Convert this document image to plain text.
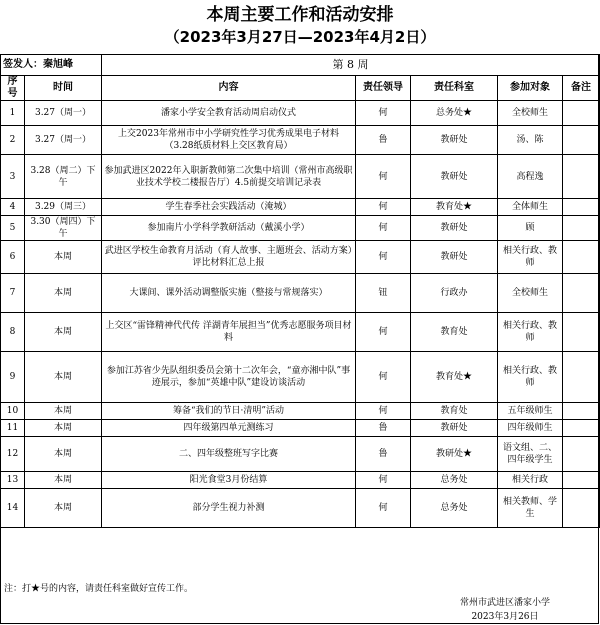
本周主要工作和活动安排
（2023年3月27日—2023年4月2日）
签发人：秦旭峰		第 8 周				
序号	时间	内容	责任领导	责任科室	参加对象	备注
1	3.27（周一）	潘家小学安全教育活动周启动仪式	何	总务处★	全校师生	
2	3.27（周一）	上交2023年常州市中小学研究性学习优秀成果电子材料（3.28纸质材料上交区教育局）	鲁	教研处	汤、陈	
3	3.28（周二）下午	参加武进区2022年入职新教师第二次集中培训（常州市高级职业技术学校二楼报告厅）4.5前提交培训记录表	何	教研处	高程逸	
4	3.29（周三）	学生春季社会实践活动（淹城）	何	教育处★	全体师生	
5	3.30（周四）下午	参加南片小学科学教研活动（戴溪小学）	何	教研处	顾	
6	本周	武进区学校生命教育月活动（育人故事、主题班会、活动方案）评比材料汇总上报	何	教研处	相关行政、教师	
7	本周	大课间、课外活动调整版实施（整接与常规落实）	钮	行政办	全校师生	
8	本周	上交区“雷锋精神代代传 洋湖青年展担当”优秀志愿服务项目材料	何	教育处	相关行政、教师	
9	本周	参加江苏省少先队组织委员会第十二次年会，“童亦湘中队”事迹展示，参加“英雄中队”建设访谈活动	何	教育处★	相关行政、教师	
10	本周	筹备“我们的节日·清明”活动	何	教育处	五年级师生	
11	本周	四年级第四单元测练习	鲁	教研处	四年级师生	
12	本周	二、四年级整班写字比赛	鲁	教研处★	语文组、二、四年级学生	
13	本周	阳光食堂3月份结算	何	总务处	相关行政	
14	本周	部分学生视力补测	何	总务处	相关教师、学生	
注：打★号的内容，请责任科室做好宣传工作。
常州市武进区潘家小学
2023年3月26日
